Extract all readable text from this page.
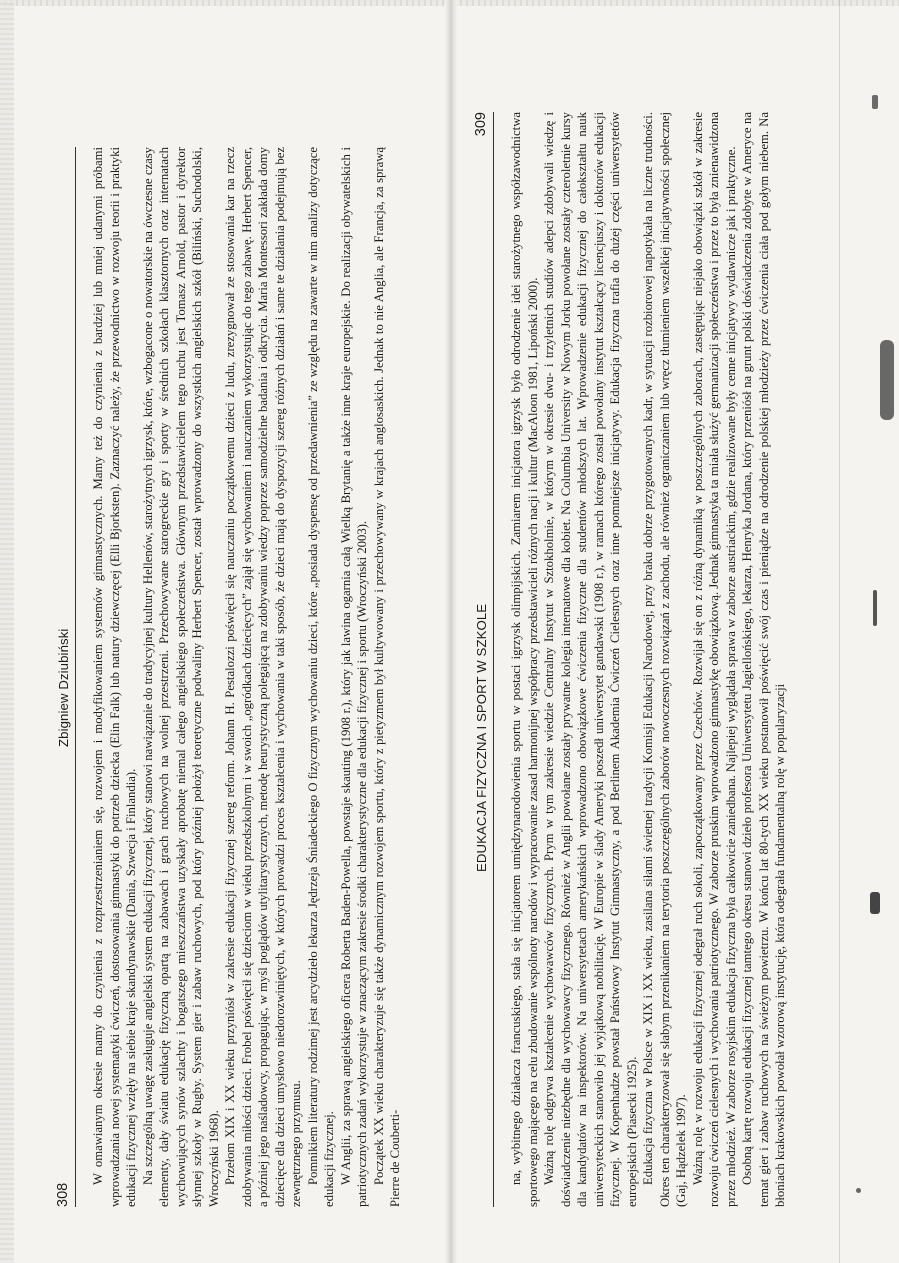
308
Zbigniew Dziubiński W omawianym okresie mamy do czynienia z rozprzestrzenianiem się, rozwojem i modyfikowaniem systemów gimnastycznych. Mamy też do czynienia z bardziej lub mniej udanymi próbami wprowadzania nowej systematyki ćwiczeń, dostosowania gimnastyki do potrzeb dziecka (Elin Falk) lub natury dziewczęcej (Elli Bjorksten). Zaznaczyć należy, że przewodnictwo w rozwoju teorii i praktyki edukacji fizycznej wzięły na siebie kraje skandynawskie (Dania, Szwecja i Finlandia). Na szczególną uwagę zasługuje angielski system edukacji fizycznej, który stanowi nawiązanie do tradycyjnej kultury Hellenów, starożytnych igrzysk, które, wzbogacone o nowatorskie na ówczesne czasy elementy, dały światu edukację fizyczną opartą na zabawach i grach ruchowych na wolnej przestrzeni. Przechowywane starogreckie gry i sporty w średnich szkołach klasztornych oraz internatach wychowujących synów szlachty i bogatszego mieszczaństwa uzyskały aprobatę niemal całego angielskiego społeczeństwa. Głównym przedstawicielem tego ruchu jest Tomasz Arnold, pastor i dyrektor słynnej szkoły w Rugby. System gier i zabaw ruchowych, pod który później położył teoretyczne podwaliny Herbert Spencer, został wprowadzony do wszystkich angielskich szkół (Biliński, Suchodolski, Wroczyński 1968). Przełom XIX i XX wieku przyniósł w zakresie edukacji fizycznej szereg reform. Johann H. Pestalozzi poświęcił się nauczaniu początkowemu dzieci z ludu, zrezygnował ze stosowania kar na rzecz zdobywania miłości dzieci. Frobel poświęcił się dzieciom w wieku przedszkolnym i w swoich „ogródkach dziecięcych” zajął się wychowaniem i nauczaniem wykorzystując do tego zabawę. Herbert Spencer, a później jego naśladowcy, propagując, w myśl poglądów utylitarystycznych, metodę heurystyczną polegającą na zdobywaniu wiedzy poprzez samodzielne badania i odkrycia. Maria Montessori zakłada domy dziecięce dla dzieci umysłowo niedorozwiniętych, w których prowadzi proces kształcenia i wychowania w taki sposób, że dzieci mają do dyspozycji szereg różnych działań i same te działania podejmują bez zewnętrznego przymusu. Pomnikiem literatury rodzimej jest arcydzieło lekarza Jędrzeja Śniadeckiego O fizycznym wychowaniu dzieci, które „posiada dyspensę od przedawnienia” ze względu na zawarte w nim analizy dotyczące edukacji fizycznej. W Anglii, za sprawą angielskiego oficera Roberta Baden-Powella, powstaje skauting (1908 r.), który jak lawina ogarnia całą Wielką Brytanię a także inne kraje europejskie. Do realizacji obywatelskich i patriotycznych zadań wykorzystuje w znaczącym zakresie środki charakterystyczne dla edukacji fizycznej i sportu (Wroczyński 2003). Początek XX wieku charakteryzuje się także dynamicznym rozwojem sportu, który z pietyzmem był kultywowany i przechowywany w krajach anglosaskich. Jednak to nie Anglia, ale Francja, za sprawą Pierre de Couberti-

EDUKACJA FIZYCZNA I SPORT W SZKOLE
309 na, wybitnego działacza francuskiego, stała się inicjatorem umiędzynarodowienia sportu w postaci igrzysk olimpijskich. Zamiarem inicjatora igrzysk było odrodzenie idei starożytnego współzawodnictwa sportowego mającego na celu zbudowanie wspólnoty narodów i wypracowanie zasad harmonijnej współpracy przedstawicieli różnych nacji i kultur (MacAloon 1981, Lipoński 2000). Ważną rolę odgrywa kształcenie wychowawców fizycznych. Prym w tym zakresie wiedzie Centralny Instytut w Sztokholmie, w którym w okresie dwu- i trzyletnich studiów adepci zdobywali wiedzę i doświadczenie niezbędne dla wychowawcy fizycznego. Również w Anglii powołane zostały prywatne kolegia internatowe dla kobiet. Na Columbia University w Nowym Jorku powołane zostały czteroletnie kursy dla kandydatów na inspektorów. Na uniwersytetach amerykańskich wprowadzono obowiązkowe ćwiczenia fizyczne dla studentów młodszych lat. Wprowadzenie edukacji fizycznej do całokształtu nauk uniwersyteckich stanowiło jej wyjątkową nobilitację. W Europie w ślady Ameryki poszedł uniwersytet gandawski (1908 r.), w ramach którego został powołany instytut kształcący licencjuszy i doktorów edukacji fizycznej. W Kopenhadze powstał Państwowy Instytut Gimnastyczny, a pod Berlinem Akademia Ćwiczeń Cielesnych oraz inne pomniejsze inicjatywy. Edukacja fizyczna trafia do dużej części uniwersytetów europejskich (Piasecki 1925). Edukacja fizyczna w Polsce w XIX i XX wieku, zasilana siłami świetnej tradycji Komisji Edukacji Narodowej, przy braku dobrze przygotowanych kadr, w sytuacji rozbiorowej napotykała na liczne trudności. Okres ten charakteryzował się słabym przenikaniem na terytoria poszczególnych zaborów nowoczesnych rozwiązań z zachodu, ale również ograniczaniem lub wręcz tłumieniem wszelkiej inicjatywności społecznej (Gaj, Hądzelek 1997). Ważną rolę w rozwoju edukacji fizycznej odegrał ruch sokoli, zapoczątkowany przez Czechów. Rozwijał się on z różną dynamiką w poszczególnych zaborach, zastępując niejako obowiązki szkół w zakresie rozwoju ćwiczeń cielesnych i wychowania patriotycznego. W zaborze pruskim wprowadzono gimnastykę obowiązkową. Jednak gimnastyka ta miała służyć germanizacji społeczeństwa i przez to była znienawidzona przez młodzież. W zaborze rosyjskim edukacja fizyczna była całkowicie zaniedbana. Najlepiej wyglądała sprawa w zaborze austriackim, gdzie realizowane były cenne inicjatywy wydawnicze jak i praktyczne. Osobną kartę rozwoju edukacji fizycznej tamtego okresu stanowi dzieło profesora Uniwersytetu Jagiellońskiego, lekarza, Henryka Jordana, który przeniósł na grunt polski doświadczenia zdobyte w Ameryce na temat gier i zabaw ruchowych na świeżym powietrzu. W końcu lat 80-tych XX wieku postanowił poświęcić swój czas i pieniądze na odrodzenie polskiej młodzieży przez ćwiczenia ciała pod gołym niebem. Na błoniach krakowskich powołał wzorową instytucję, która odegrała fundamentalną rolę w popularyzacji
